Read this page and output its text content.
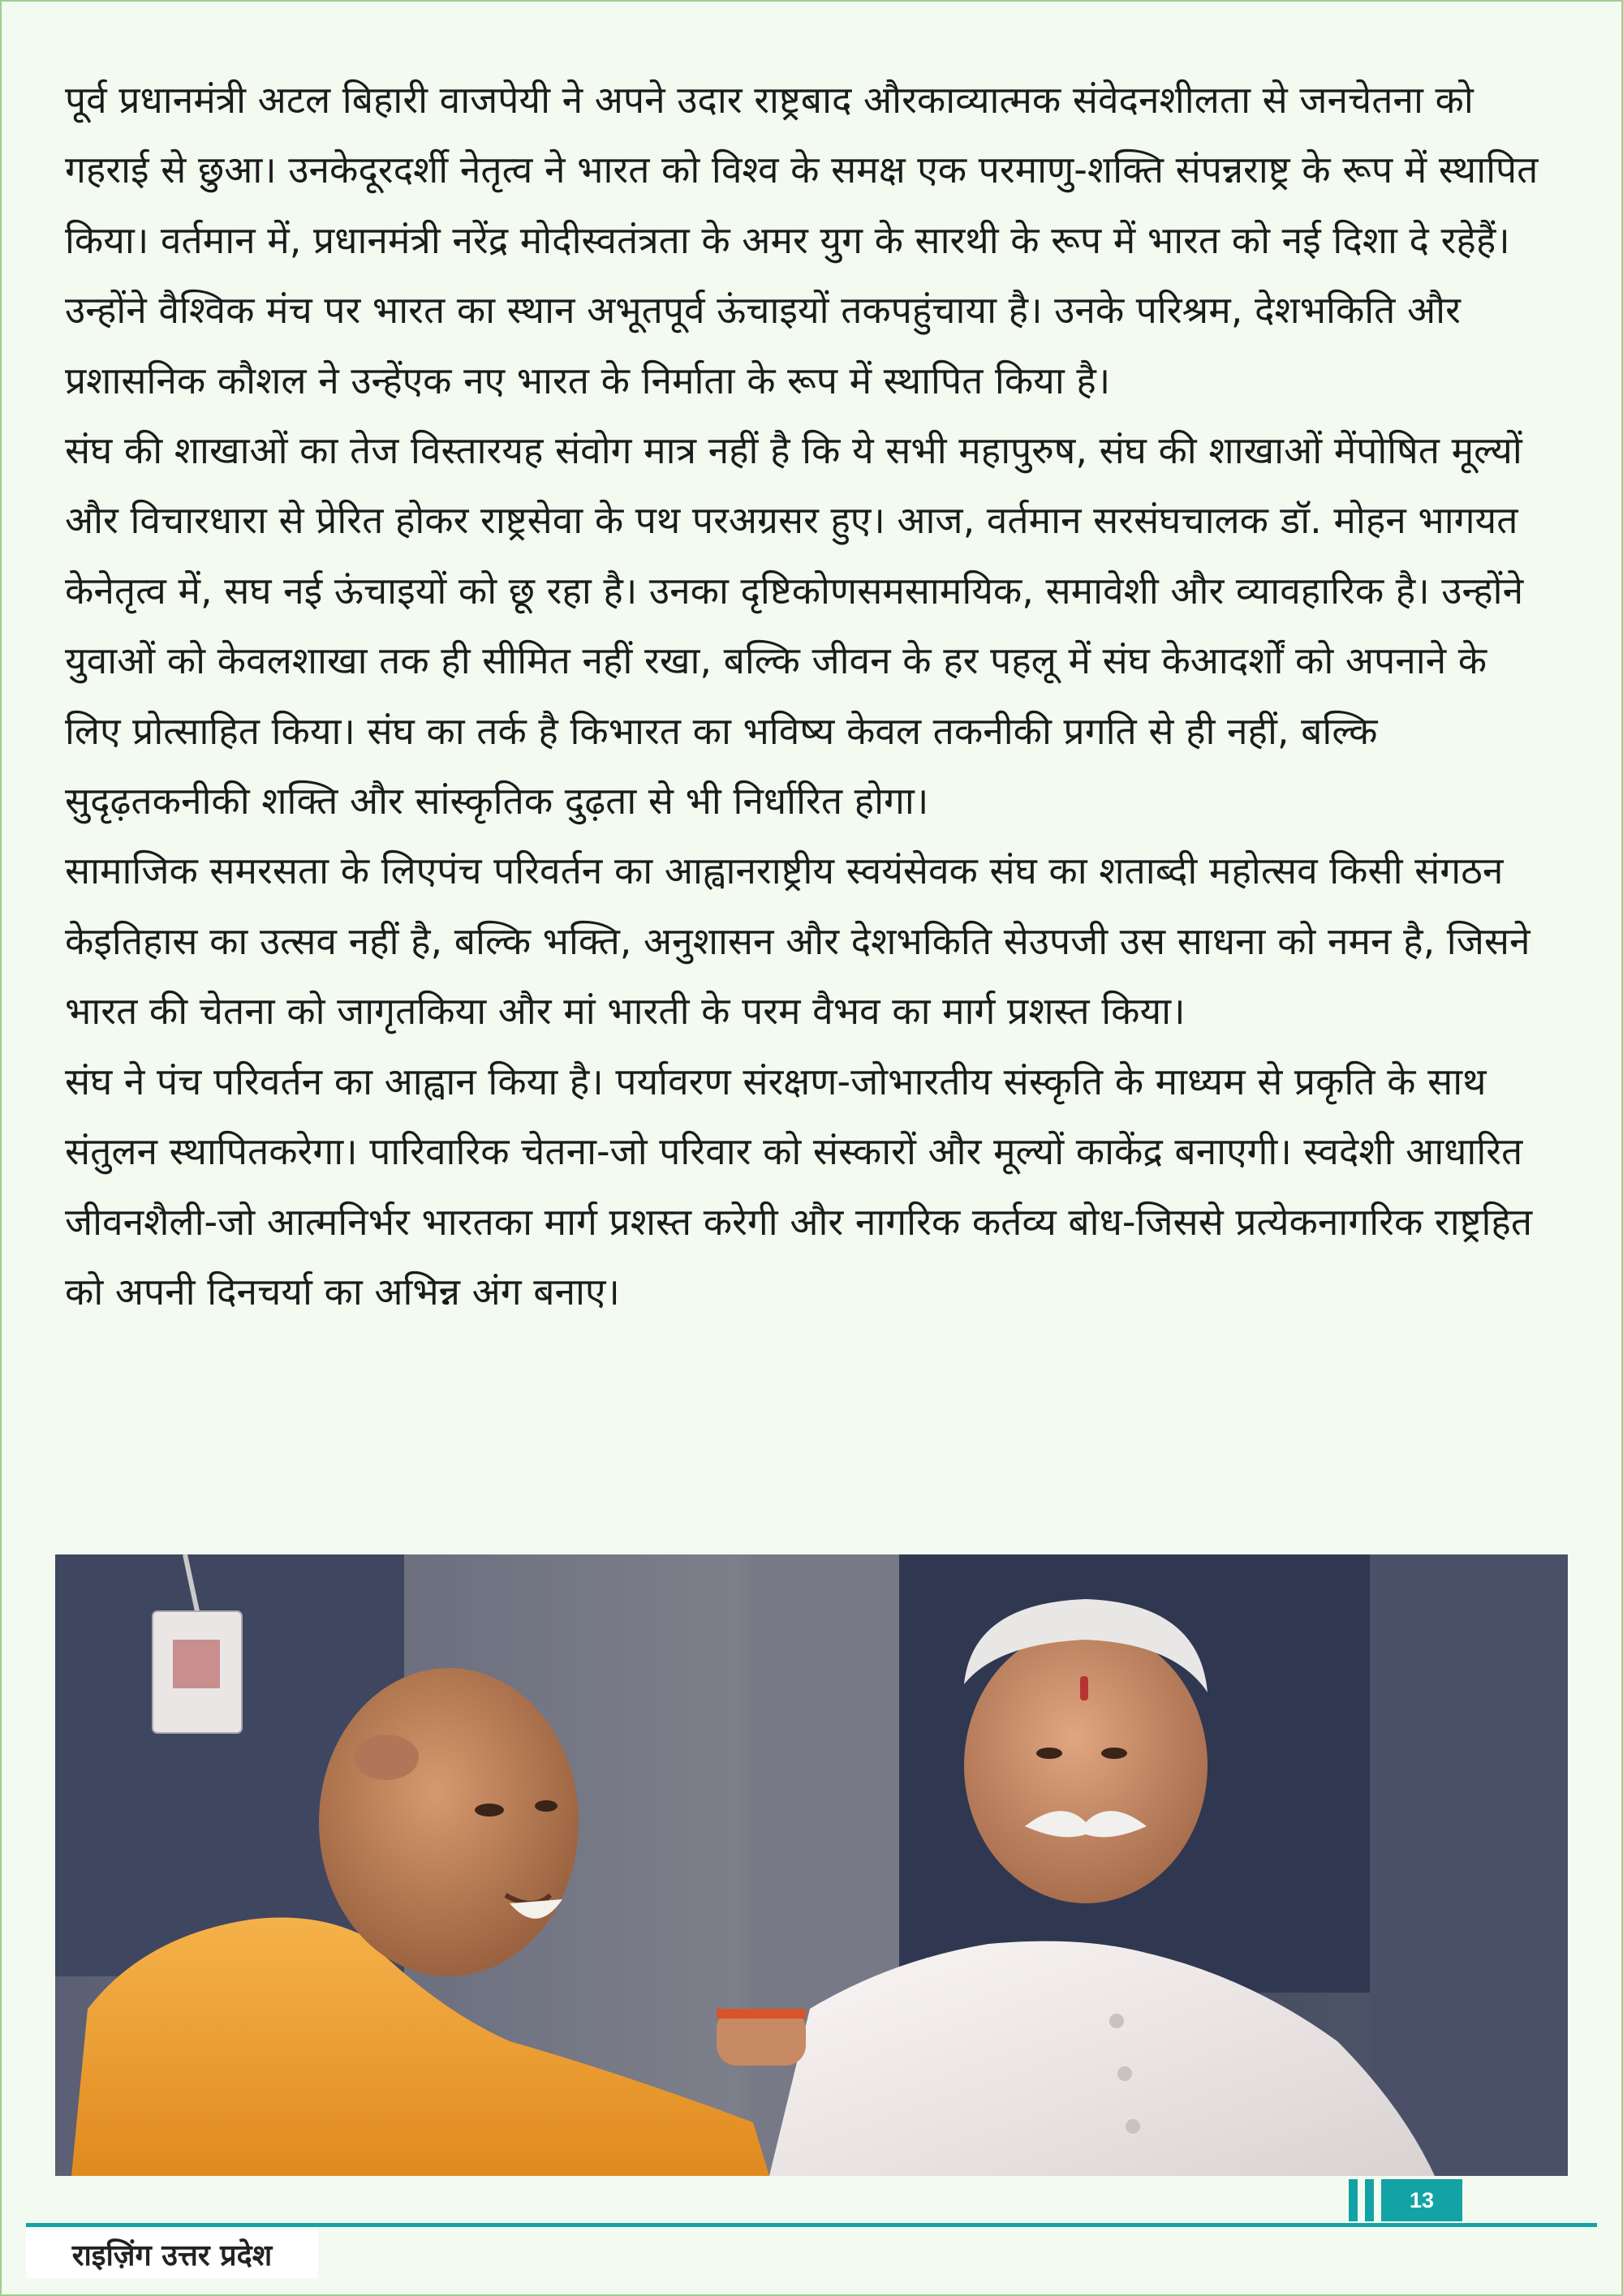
पूर्व प्रधानमंत्री अटल बिहारी वाजपेयी ने अपने उदार राष्ट्रबाद औरकाव्यात्मक संवेदनशीलता से जनचेतना को गहराई से छुआ। उनकेदूरदर्शी नेतृत्व ने भारत को विश्व के समक्ष एक परमाणु-शक्ति संपन्नराष्ट्र के रूप में स्थापित किया। वर्तमान में, प्रधानमंत्री नरेंद्र मोदीस्वतंत्रता के अमर युग के सारथी के रूप में भारत को नई दिशा दे रहेहैं। उन्होंने वैश्विक मंच पर भारत का स्थान अभूतपूर्व ऊंचाइयों तकपहुंचाया है। उनके परिश्रम, देशभकिति और प्रशासनिक कौशल ने उन्हेंएक नए भारत के निर्माता के रूप में स्थापित किया है।

संघ की शाखाओं का तेज विस्तारयह संवोग मात्र नहीं है कि ये सभी महापुरुष, संघ की शाखाओं मेंपोषित मूल्यों और विचारधारा से प्रेरित होकर राष्ट्रसेवा के पथ परअग्रसर हुए। आज, वर्तमान सरसंघचालक डॉ. मोहन भागयत केनेतृत्व में, सघ नई ऊंचाइयों को छू रहा है। उनका दृष्टिकोणसमसामयिक, समावेशी और व्यावहारिक है। उन्होंने युवाओं को केवलशाखा तक ही सीमित नहीं रखा, बल्कि जीवन के हर पहलू में संघ केआदर्शों को अपनाने के लिए प्रोत्साहित किया। संघ का तर्क है किभारत का भविष्य केवल तकनीकी प्रगति से ही नहीं, बल्कि सुदृढ़तकनीकी शक्ति और सांस्कृतिक दुढ़ता से भी निर्धारित होगा।

सामाजिक समरसता के लिएपंच परिवर्तन का आह्वानराष्ट्रीय स्वयंसेवक संघ का शताब्दी महोत्सव किसी संगठन केइतिहास का उत्सव नहीं है, बल्कि भक्ति, अनुशासन और देशभकिति सेउपजी उस साधना को नमन है, जिसने भारत की चेतना को जागृतकिया और मां भारती के परम वैभव का मार्ग प्रशस्त किया।

संघ ने पंच परिवर्तन का आह्वान किया है। पर्यावरण संरक्षण-जोभारतीय संस्कृति के माध्यम से प्रकृति के साथ संतुलन स्थापितकरेगा। पारिवारिक चेतना-जो परिवार को संस्कारों और मूल्यों काकेंद्र बनाएगी। स्वदेशी आधारित जीवनशैली-जो आत्मनिर्भर भारतका मार्ग प्रशस्त करेगी और नागरिक कर्तव्य बोध-जिससे प्रत्येकनागरिक राष्ट्रहित को अपनी दिनचर्या का अभिन्न अंग बनाए।

13
राइज़िंग उत्तर प्रदेश
